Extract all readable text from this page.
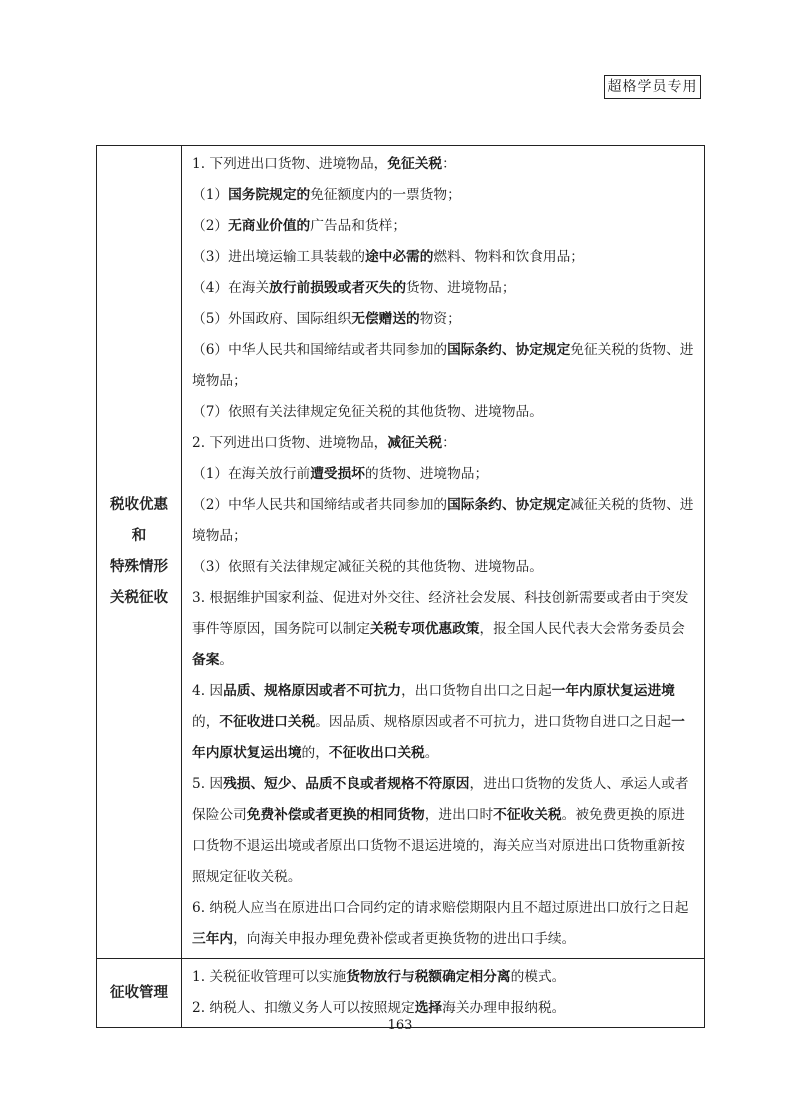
超格学员专用
税收优惠
和
特殊情形
关税征收

1. 下列进出口货物、进境物品，免征关税：

（1）国务院规定的免征额度内的一票货物；

（2）无商业价值的广告品和货样；

（3）进出境运输工具装载的途中必需的燃料、物料和饮食用品；

（4）在海关放行前损毁或者灭失的货物、进境物品；

（5）外国政府、国际组织无偿赠送的物资；

（6）中华人民共和国缔结或者共同参加的国际条约、协定规定免征关税的货物、进境物品；

（7）依照有关法律规定免征关税的其他货物、进境物品。

2. 下列进出口货物、进境物品，减征关税：

（1）在海关放行前遭受损坏的货物、进境物品；

（2）中华人民共和国缔结或者共同参加的国际条约、协定规定减征关税的货物、进境物品；

（3）依照有关法律规定减征关税的其他货物、进境物品。

3. 根据维护国家利益、促进对外交往、经济社会发展、科技创新需要或者由于突发事件等原因，国务院可以制定关税专项优惠政策，报全国人民代表大会常务委员会备案。

4. 因品质、规格原因或者不可抗力，出口货物自出口之日起一年内原状复运进境的，不征收进口关税。因品质、规格原因或者不可抗力，进口货物自进口之日起一年内原状复运出境的，不征收出口关税。

5. 因残损、短少、品质不良或者规格不符原因，进出口货物的发货人、承运人或者保险公司免费补偿或者更换的相同货物，进出口时不征收关税。被免费更换的原进口货物不退运出境或者原出口货物不退运进境的，海关应当对原进出口货物重新按照规定征收关税。

6. 纳税人应当在原进出口合同约定的请求赔偿期限内且不超过原进出口放行之日起三年内，向海关申报办理免费补偿或者更换货物的进出口手续。

征收管理

1. 关税征收管理可以实施货物放行与税额确定相分离的模式。

2. 纳税人、扣缴义务人可以按照规定选择海关办理申报纳税。

163
